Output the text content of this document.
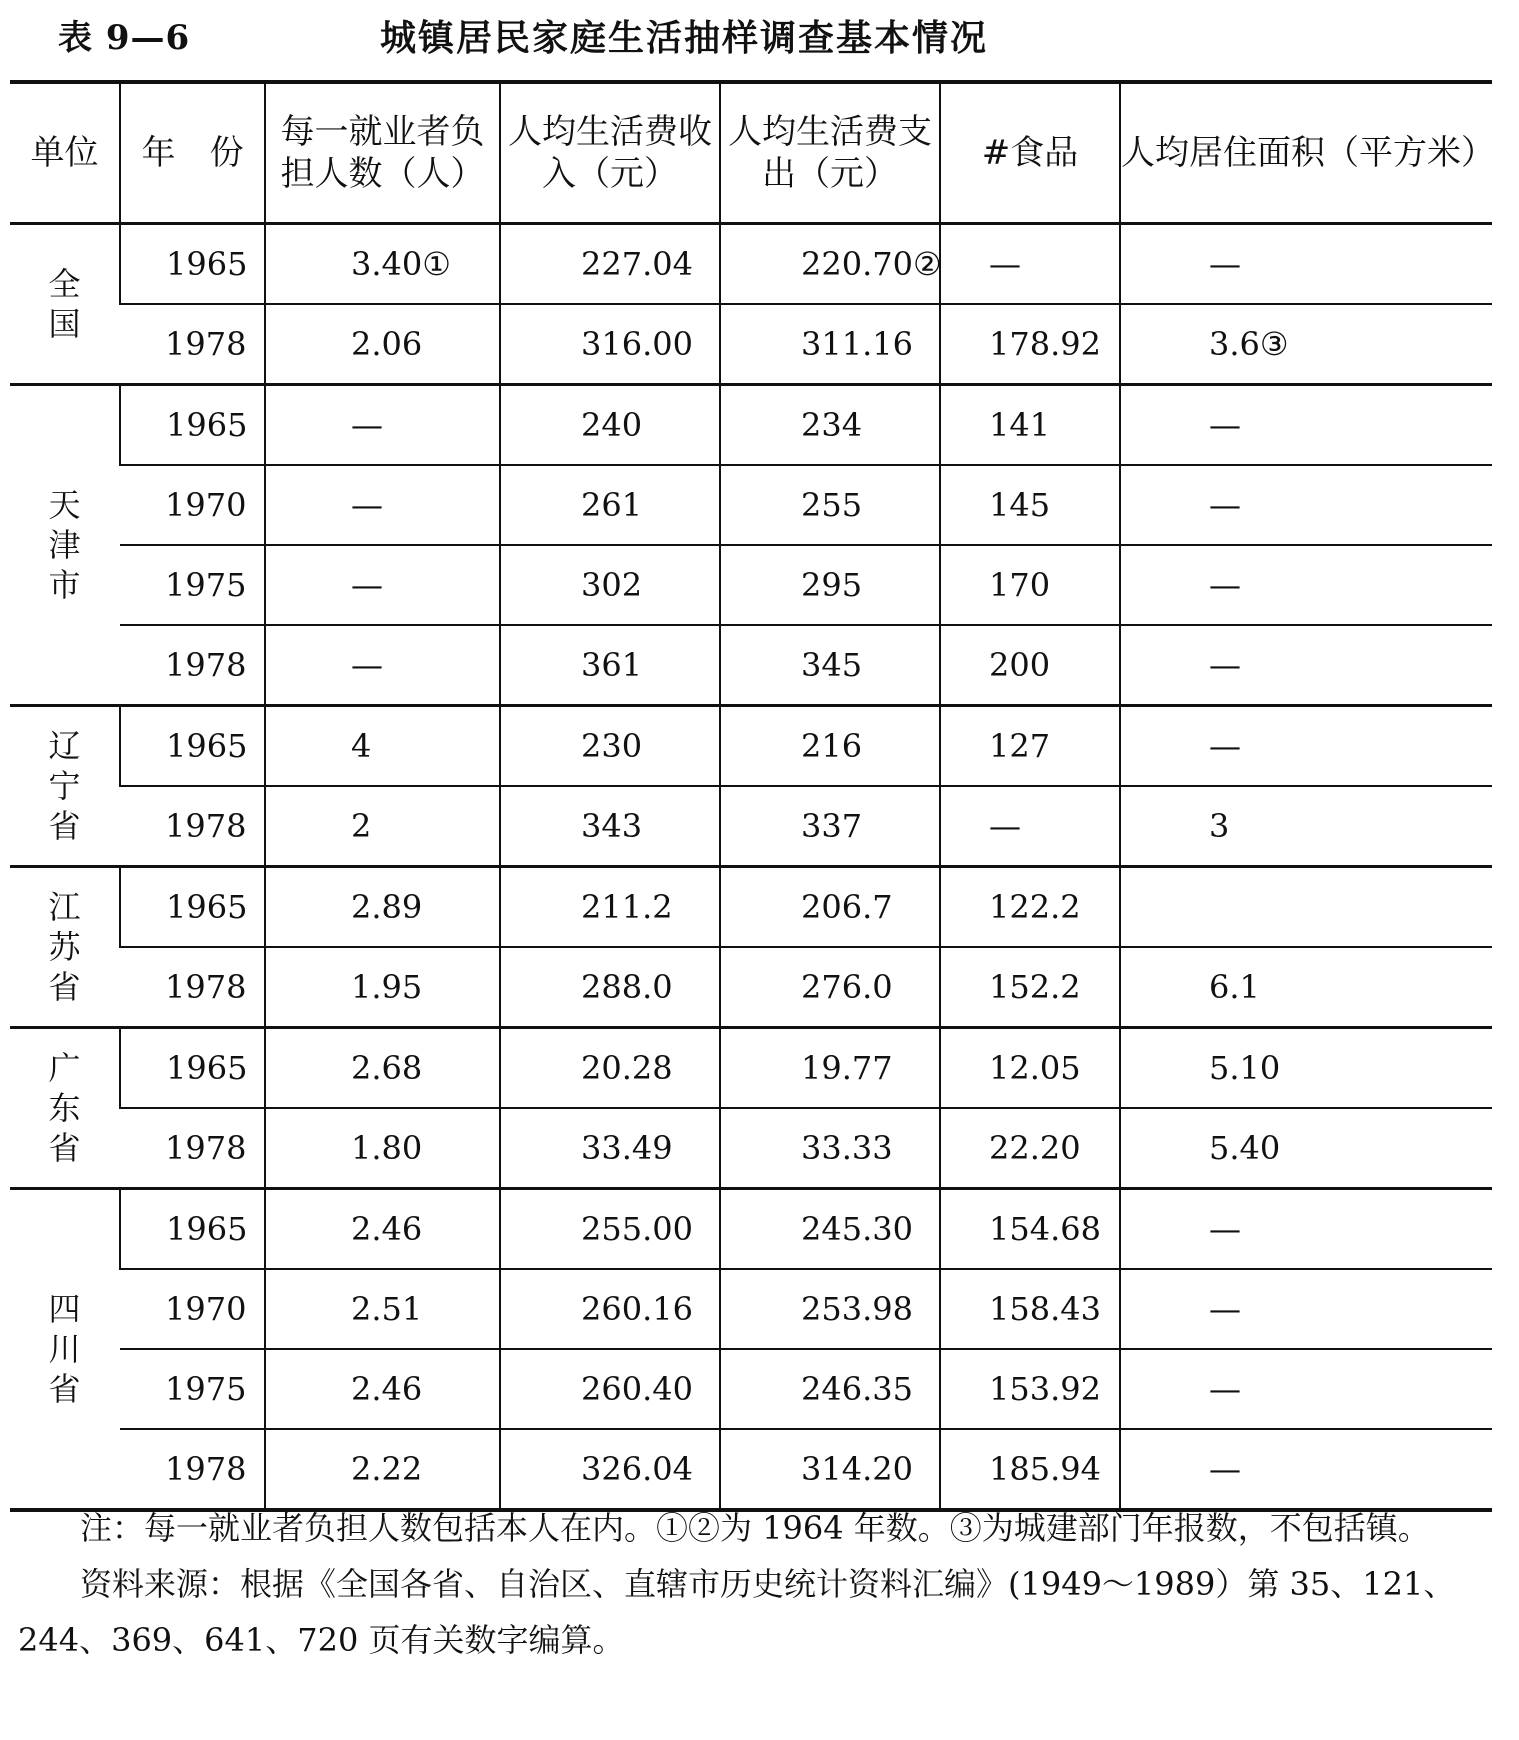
表 9—6	城镇居民家庭生活抽样调查基本情况
单位	年　份	每一就业者负担人数（人）	人均生活费收入（元）	人均生活费支出（元）	#食品	人均居住面积（平方米）
全国	1965	3.40①	227.04	220.70②	—	—
	1978	2.06	316.00	311.16	178.92	3.6③
天津市	1965	—	240	234	141	—
	1970	—	261	255	145	—
	1975	—	302	295	170	—
	1978	—	361	345	200	—
辽宁省	1965	4	230	216	127	—
	1978	2	343	337	—	3
江苏省	1965	2.89	211.2	206.7	122.2	
	1978	1.95	288.0	276.0	152.2	6.1
广东省	1965	2.68	20.28	19.77	12.05	5.10
	1978	1.80	33.49	33.33	22.20	5.40
四川省	1965	2.46	255.00	245.30	154.68	—
	1970	2.51	260.16	253.98	158.43	—
	1975	2.46	260.40	246.35	153.92	—
	1978	2.22	326.04	314.20	185.94	—

注：每一就业者负担人数包括本人在内。①②为 1964 年数。③为城建部门年报数，不包括镇。

资料来源：根据《全国各省、自治区、直辖市历史统计资料汇编》(1949～1989）第 35、121、244、369、641、720 页有关数字编算。
